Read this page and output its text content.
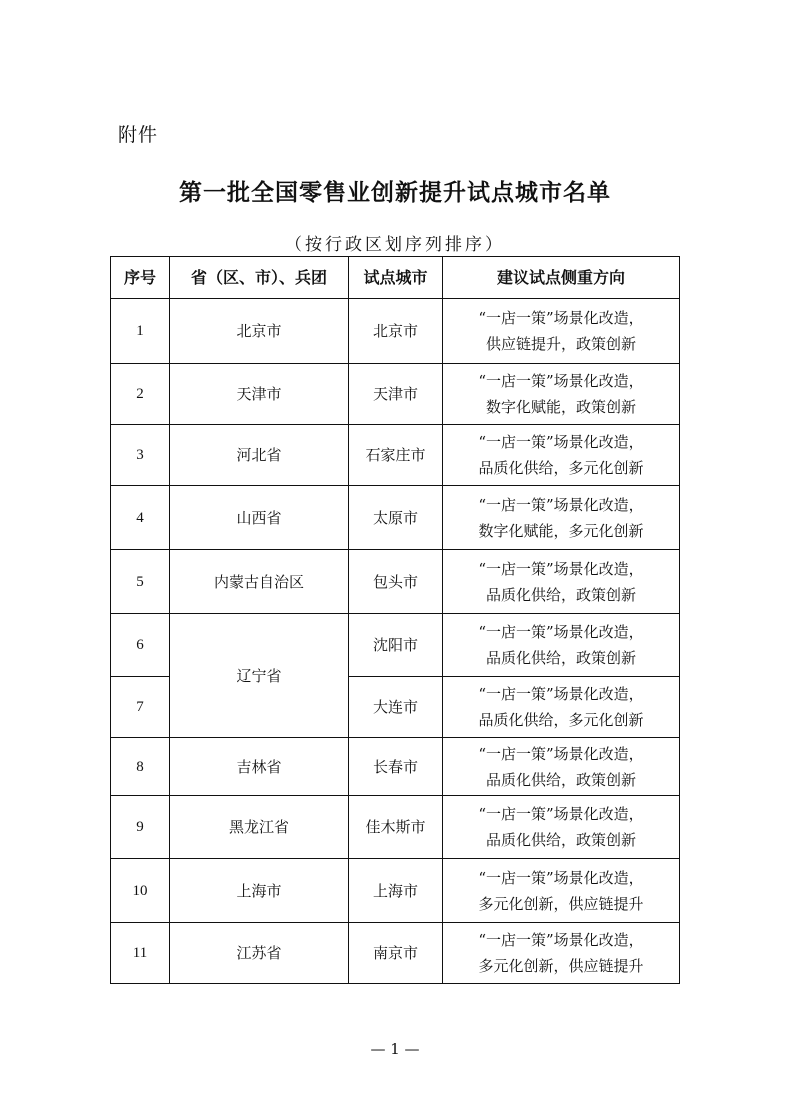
附件
第一批全国零售业创新提升试点城市名单
（按行政区划序列排序）
序号	省（区、市）、兵团	试点城市	建议试点侧重方向
1	北京市	北京市	“一店一策”场景化改造，
供应链提升，政策创新

2	天津市	天津市	“一店一策”场景化改造，
数字化赋能，政策创新

3	河北省	石家庄市	“一店一策”场景化改造，
品质化供给，多元化创新

4	山西省	太原市	“一店一策”场景化改造，
数字化赋能，多元化创新

5	内蒙古自治区	包头市	“一店一策”场景化改造，
品质化供给，政策创新

6	辽宁省	沈阳市	“一店一策”场景化改造，
品质化供给，政策创新

7		大连市	“一店一策”场景化改造，
品质化供给，多元化创新

8	吉林省	长春市	“一店一策”场景化改造，
品质化供给，政策创新

9	黑龙江省	佳木斯市	“一店一策”场景化改造，
品质化供给，政策创新

10	上海市	上海市	“一店一策”场景化改造，
多元化创新，供应链提升

11	江苏省	南京市	“一店一策”场景化改造，
多元化创新，供应链提升
— 1 —
